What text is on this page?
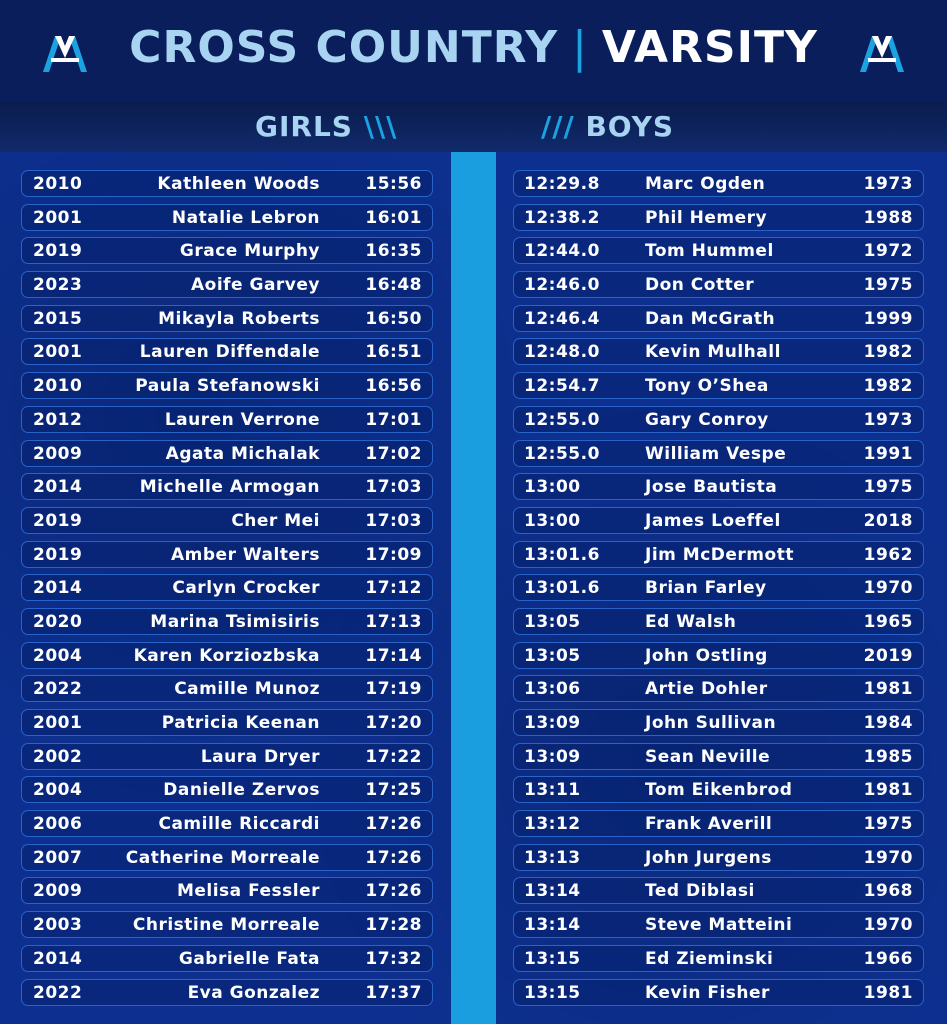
CROSS COUNTRY | VARSITY
GIRLS \\\	/// BOYS
2010	Kathleen Woods	15:56
2001	Natalie Lebron	16:01
2019	Grace Murphy	16:35
2023	Aoife Garvey	16:48
2015	Mikayla Roberts	16:50
2001	Lauren Diffendale	16:51
2010	Paula Stefanowski	16:56
2012	Lauren Verrone	17:01
2009	Agata Michalak	17:02
2014	Michelle Armogan	17:03
2019	Cher Mei	17:03
2019	Amber Walters	17:09
2014	Carlyn Crocker	17:12
2020	Marina Tsimisiris	17:13
2004	Karen Korziozbska	17:14
2022	Camille Munoz	17:19
2001	Patricia Keenan	17:20
2002	Laura Dryer	17:22
2004	Danielle Zervos	17:25
2006	Camille Riccardi	17:26
2007	Catherine Morreale	17:26
2009	Melisa Fessler	17:26
2003	Christine Morreale	17:28
2014	Gabrielle Fata	17:32
2022	Eva Gonzalez	17:37
12:29.8	Marc Ogden	1973
12:38.2	Phil Hemery	1988
12:44.0	Tom Hummel	1972
12:46.0	Don Cotter	1975
12:46.4	Dan McGrath	1999
12:48.0	Kevin Mulhall	1982
12:54.7	Tony O’Shea	1982
12:55.0	Gary Conroy	1973
12:55.0	William Vespe	1991
13:00	Jose Bautista	1975
13:00	James Loeffel	2018
13:01.6	Jim McDermott	1962
13:01.6	Brian Farley	1970
13:05	Ed Walsh	1965
13:05	John Ostling	2019
13:06	Artie Dohler	1981
13:09	John Sullivan	1984
13:09	Sean Neville	1985
13:11	Tom Eikenbrod	1981
13:12	Frank Averill	1975
13:13	John Jurgens	1970
13:14	Ted Diblasi	1968
13:14	Steve Matteini	1970
13:15	Ed Zieminski	1966
13:15	Kevin Fisher	1981
